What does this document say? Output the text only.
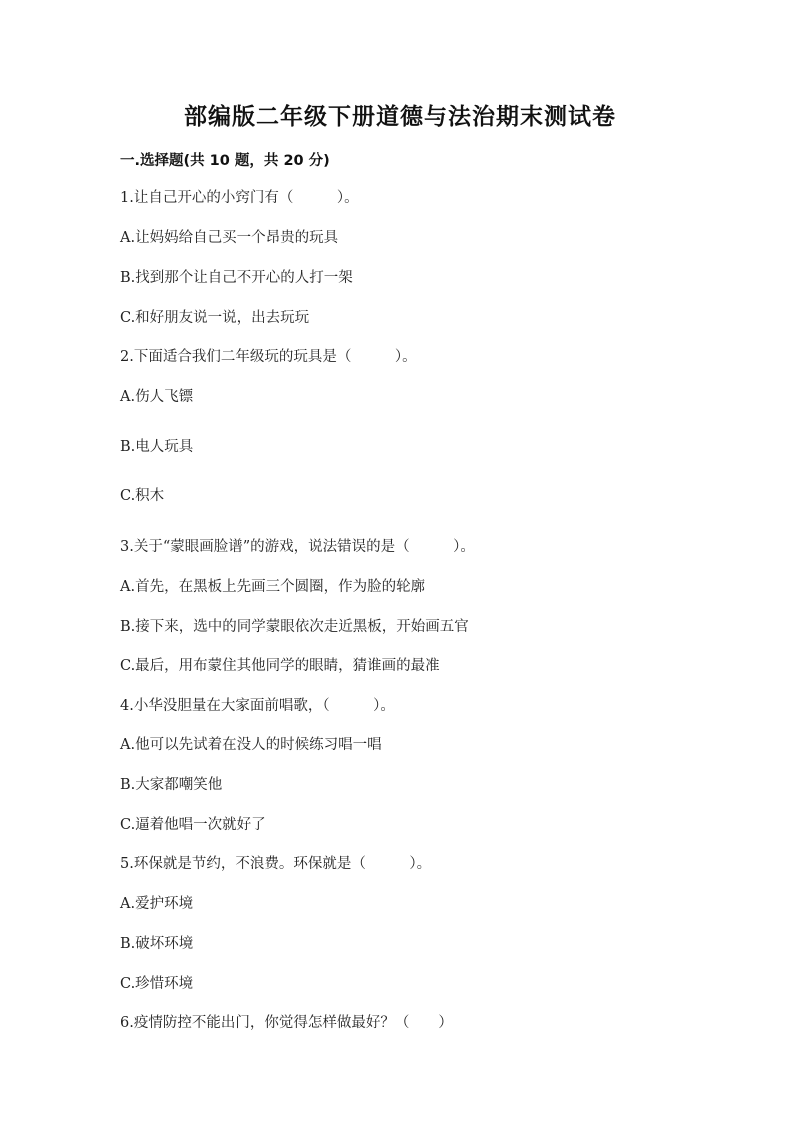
部编版二年级下册道德与法治期末测试卷
一.选择题(共 10 题，共 20 分)
1.让自己开心的小窍门有（　　　）。
A.让妈妈给自己买一个昂贵的玩具
B.找到那个让自己不开心的人打一架
C.和好朋友说一说，出去玩玩
2.下面适合我们二年级玩的玩具是（　　　）。
A.伤人飞镖
B.电人玩具
C.积木
3.关于“蒙眼画脸谱”的游戏，说法错误的是（　　　）。
A.首先，在黑板上先画三个圆圈，作为脸的轮廓
B.接下来，选中的同学蒙眼依次走近黑板，开始画五官
C.最后，用布蒙住其他同学的眼睛，猜谁画的最准
4.小华没胆量在大家面前唱歌，（　　　）。
A.他可以先试着在没人的时候练习唱一唱
B.大家都嘲笑他
C.逼着他唱一次就好了
5.环保就是节约，不浪费。环保就是（　　　）。
A.爱护环境
B.破坏环境
C.珍惜环境
6.疫情防控不能出门，你觉得怎样做最好？（　　）
